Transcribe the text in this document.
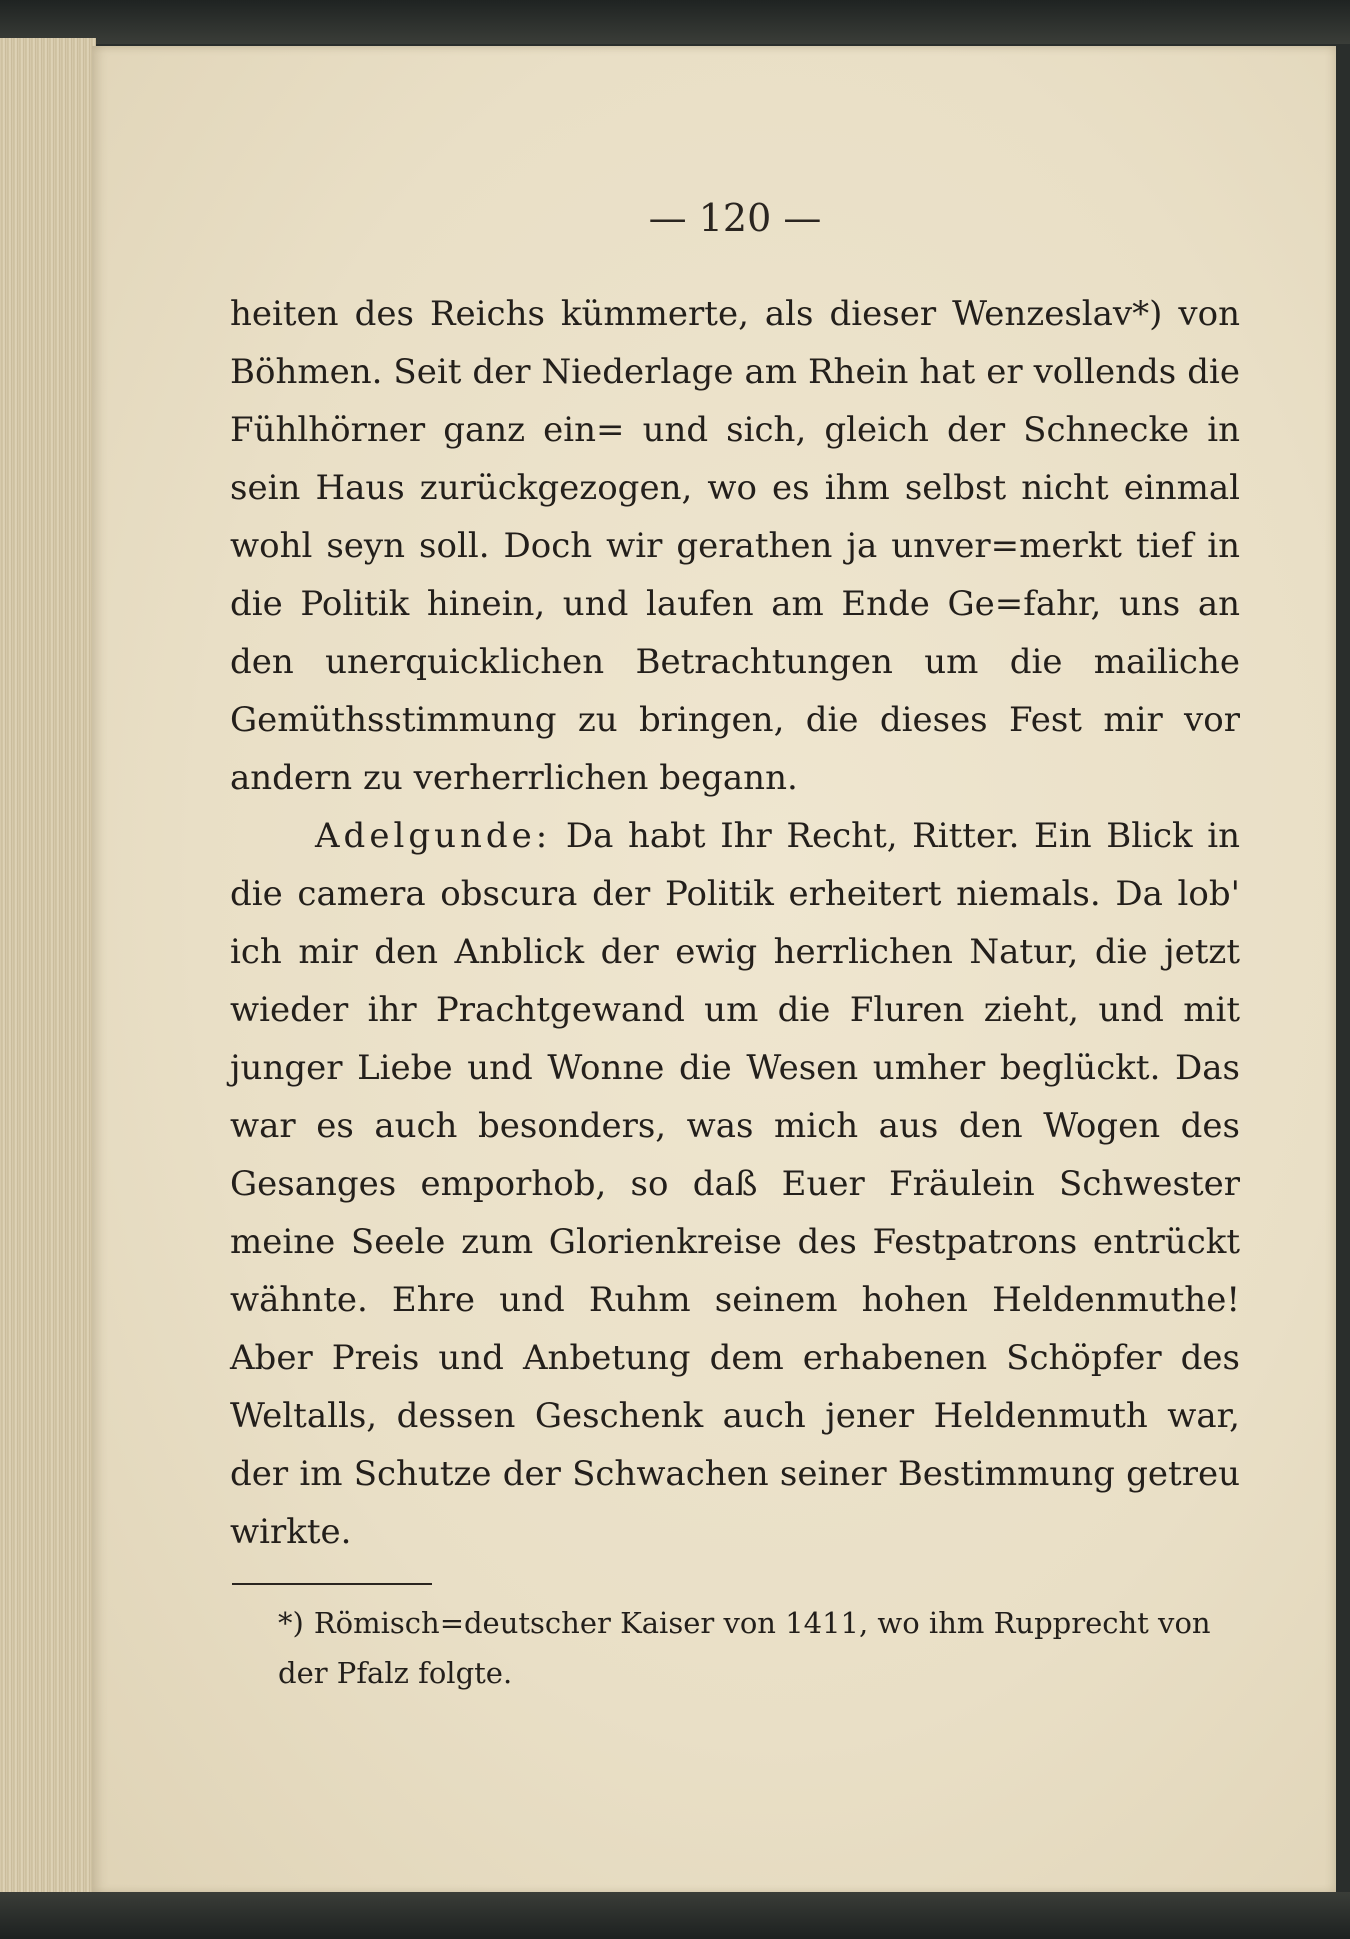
— 120 —

heiten des Reichs kümmerte, als dieser Wenzeslav*) von Böhmen. Seit der Niederlage am Rhein hat er vollends die Fühlhörner ganz ein= und sich, gleich der Schnecke in sein Haus zurückgezogen, wo es ihm selbst nicht einmal wohl seyn soll. Doch wir gerathen ja unver=merkt tief in die Politik hinein, und laufen am Ende Ge=fahr, uns an den unerquicklichen Betrachtungen um die mailiche Gemüthsstimmung zu bringen, die dieses Fest mir vor andern zu verherrlichen begann.

Adelgunde: Da habt Ihr Recht, Ritter. Ein Blick in die camera obscura der Politik erheitert niemals. Da lob' ich mir den Anblick der ewig herrlichen Natur, die jetzt wieder ihr Prachtgewand um die Fluren zieht, und mit junger Liebe und Wonne die Wesen umher beglückt. Das war es auch besonders, was mich aus den Wogen des Gesanges emporhob, so daß Euer Fräulein Schwester meine Seele zum Glorienkreise des Festpatrons entrückt wähnte. Ehre und Ruhm seinem hohen Heldenmuthe! Aber Preis und Anbetung dem erhabenen Schöpfer des Weltalls, dessen Geschenk auch jener Heldenmuth war, der im Schutze der Schwachen seiner Bestimmung getreu wirkte.

*) Römisch=deutscher Kaiser von 1411, wo ihm Rupprecht von der Pfalz folgte.
